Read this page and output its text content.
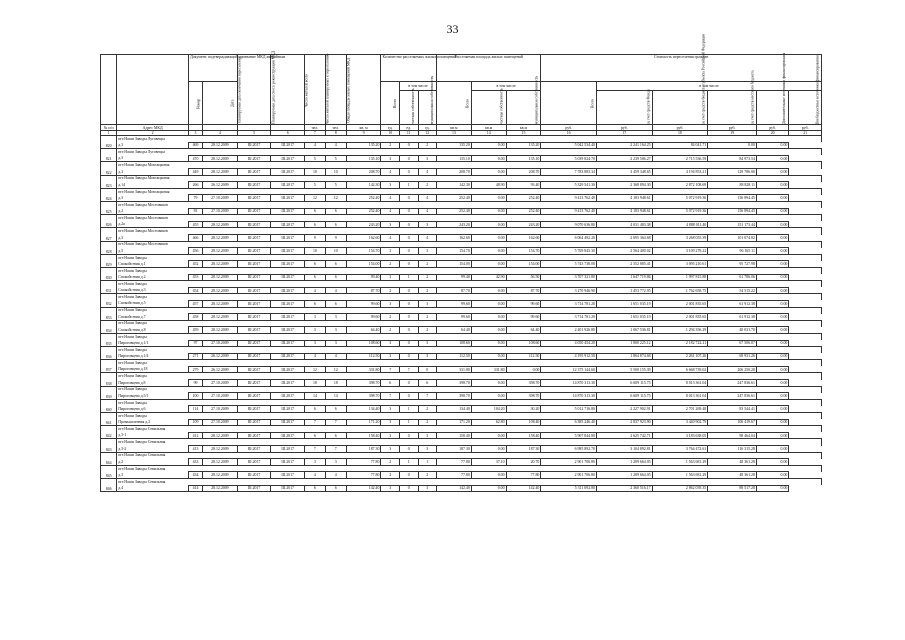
33
		Документ, подтверждающий признание МКД аварийным		Планируемая дата окончания переселения	Планируемая дата сноса/ реконструкции МКД	Число жителей всего	Число жителей планируемых к переселению	Общая площадь жилых помещений МКД	Количество расселяемых жилых помещений			Расселяемая площадь жилых помещений			Стоимость переселения граждан					
		Номер	Дата						Всего	в том числе		Всего	в том числе		Всего	в том числе				
										частная собственность	муниципальная собственность		частная собственность	муниципальная собственность		за счет средств Фонда	за счет средств бюджета субъекта Российской Федерации	за счет средств местного бюджета	Дополнительные источники финансирования	Внебюджетные источники финансирования
№ п/п	Адрес МКД					чел.	чел.	кв. м	ед.	ед.	ед.	кв.м	кв.м	кв.м	руб.	руб.	руб.	руб.	руб.	руб.
1	2	3	4	5	6	7	8	9	10	11	12	13	14	15	16	17	18	19	20	21
820	пгт.Наши Заводы Луговецка																			
	д.3	469	28.12.2009	III.2017	III.2017	4	4	135.20	2	0	2	135.20	0.00	135.20	5 042 534.40	2 241 164.25	84 041.71	0.00	0.00	
821	пгт.Наши Заводы Луговецка																			
	д.3	470	28.12.2009	III.2017	III.2017	5	5	135.10	3	0	3	135.10	0.00	135.10	5 039 824.70	2 239 506.27	2 715 536.59	84 973.54	0.00	
822	пгт.Наши Заводы Мовсацковая																			
	д.3	449	28.12.2009	III.2017	III.2017	10	10	208.70	4	0	4	208.70	0.00	208.70	7 783 883.34	3 459 348.65	4 194 853.21	129 786.06	0.00	
823	пгт.Наши Заводы Мовсацковая																			
	д.14	266	26.12.2009	III.2017	III.2017	5	5	142.30	3	1	2	142.30	48.90	93.40	5 329 541.30	2 368 894.30	2 872 108.69	88 828.11	0.00	
824	пгт.Наши Заводы Мовсацковая																			
	д.3	79	27.10.2009	III.2017	III.2017	12	12	252.40	4	0	4	252.40	0.00	252.40	9 413 762.40	4 183 948.61	5 072 919.36	156 894.45	0.00	
825	пгт.Наши Заводы Мостовиков																			
	д.2	81	27.10.2009	III.2017	III.2017	6	6	252.40	4	0	4	252.40	0.00	252.40	9 413 762.40	4 183 948.61	5 072 919.36	156 894.45	0.00	
826	пгт.Наши Заводы Мостовиков																			
	д.2а	455	28.12.2009	III.2017	III.2017	6	6	243.20	3	0	3	243.20	0.00	243.20	9 070 636.80	4 031 403.38	4 888 011.40	151 173.44	0.00	
827	пгт.Наши Заводы Мостовиков																			
	д.3	466	28.12.2009	III.2017	III.2017	9	9	162.60	4	0	4	162.60	0.00	162.60	6 064 492.20	2 695 364.68	3 268 055.39	101 074.82	0.00	
828	пгт.Наши Заводы Мостовиков																			
	д.5	456	28.12.2009	III.2017	III.2017	10	10	154.70	3	0	3	154.70	0.00	154.70	5 769 843.30	2 564 400.02	3 109 278.22	96 165.11	0.00	
829	пгт.Наши Заводы																			
	Спокойствия д.1	452	28.12.2009	III.2017	III.2017	6	6	154.00	2	0	2	154.00	0.00	154.00	5 743 738.00	2 552 805.41	3 095 210.61	95 727.98	0.00	
830	пгт.Наши Заводы																			
	Спокойствия д.2	453	28.12.2009	III.2017	III.2017	6	6	99.40	3	1	2	99.40	42.90	56.50	3 707 321.80	1 647 719.86	1 997 815.88	61 786.06	0.00	
831	пгт.Наши Заводы																			
	Спокойствия д.3	454	28.12.2009	III.2017	III.2017	4	4	87.70	2	0	2	87.70	0.00	87.70	3 270 946.90	1 453 772.95	1 762 658.75	54 515.22	0.00	
832	пгт.Наши Заводы																			
	Спокойствия д.5	457	28.12.2009	III.2017	III.2017	6	6	99.60	3	0	3	99.60	0.00	99.60	3 714 781.20	1 651 035.19	2 001 835.65	61 912.38	0.00	
833	пгт.Наши Заводы																			
	Спокойствия д.7	458	28.12.2009	III.2017	III.2017	3	3	99.60	2	0	2	99.60	0.00	99.60	3 714 781.20	1 651 035.19	2 001 835.65	61 912.38	0.00	
834	пгт.Наши Заводы																			
	Спокойствия д.8	459	28.12.2009	III.2017	III.2017	3	3	64.40	2	0	2	64.40	0.00	64.40	2 401 926.80	1 067 536.81	1 294 356.29	40 031.70	0.00	
835	пгт.Наши Заводы																			
	Пироговцева д.1/1	97	27.10.2009	III.2017	III.2017	3	3	108.60	3	0	3	108.60	0.00	108.60	4 050 454.20	1 800 225.12	2 182 722.21	67 506.87	0.00	
836	пгт.Наши Заводы																			
	Пироговцева д.1/4	271	26.12.2009	III.2017	III.2017	4	4	112.50	3	0	3	112.50	0.00	112.50	4 195 912.50	1 864 874.68	2 261 107.26	69 931.26	0.00	
837	пгт.Наши Заводы																			
	Пироговцева д.18	279	26.12.2009	III.2017	III.2017	12	12	331.80	7	7	0	331.80	331.80	0.00	12 375 144.60	5 500 155.39	6 668 739.02	206 250.28	0.00	
838	пгт.Наши Заводы																			
	Пироговцева д.8	99	27.10.2009	III.2017	III.2017	18	18	398.70	6	0	6	398.70	0.00	398.70	14 870 313.30	6 609 115.75	8 013 361.04	247 836.61	0.00	
839	пгт.Наши Заводы																			
	Пироговцева д.5/1	100	27.10.2009	III.2017	III.2017	14	14	398.70	7	0	7	398.70	0.00	398.70	14 870 313.30	6 609 115.75	8 013 361.04	247 836.61	0.00	
840	пгт.Наши Заводы																			
	Пироговцева д.6	114	27.10.2009	III.2017	III.2017	6	6	134.40	3	1	2	134.40	104.20	30.20	5 012 716.80	2 227 902.91	2 701 269.48	83 544.41	0.00	
841	пгт.Наши Заводы																			
	Промышленная д.2	109	27.10.2009	III.2017	III.2017	7	7	171.20	3	1	2	171.20	62.80	108.40	6 385 246.40	2 837 923.90	3 440 902.79	106 419.67	0.00	
842	пгт.Наши Заводы Севильная																			
	д.3-1	412	28.12.2009	III.2017	III.2017	6	6	158.40	3	0	3	158.40	0.00	158.40	5 907 844.80	2 625 742.71	3 183 638.05	98 464.04	0.00	
843	пгт.Наши Заводы Севильная																			
	д.3-2	413	28.12.2009	III.2017	III.2017	7	7	187.30	3	0	3	187.30	0.00	187.30	6 985 892.70	3 104 892.81	3 764 472.61	116 315.28	0.00	
844	пгт.Наши Заводы Севильная																			
	д.2	433	28.12.2009	III.2017	III.2017	3	3	77.80	2	1	1	77.80	37.10	20.70	2 901 706.80	1 289 664.05	1 563 681.29	48 361.28	0.00	
845	пгт.Наши Заводы Севильная																			
	д.3	434	28.12.2009	III.2017	III.2017	4	4	77.80	2	0	2	77.80	0.00	77.80	2 901 706.80	1 289 664.05	1 563 681.29	48 361.28	0.00	
846	пгт.Наши Заводы Севильная																			
	д.4	414	28.12.2009	III.2017	III.2017	6	6	142.40	3	0	3	142.40	0.00	142.40	5 311 092.80	2 360 516.17	2 862 039.35	88 517.28	0.00	
